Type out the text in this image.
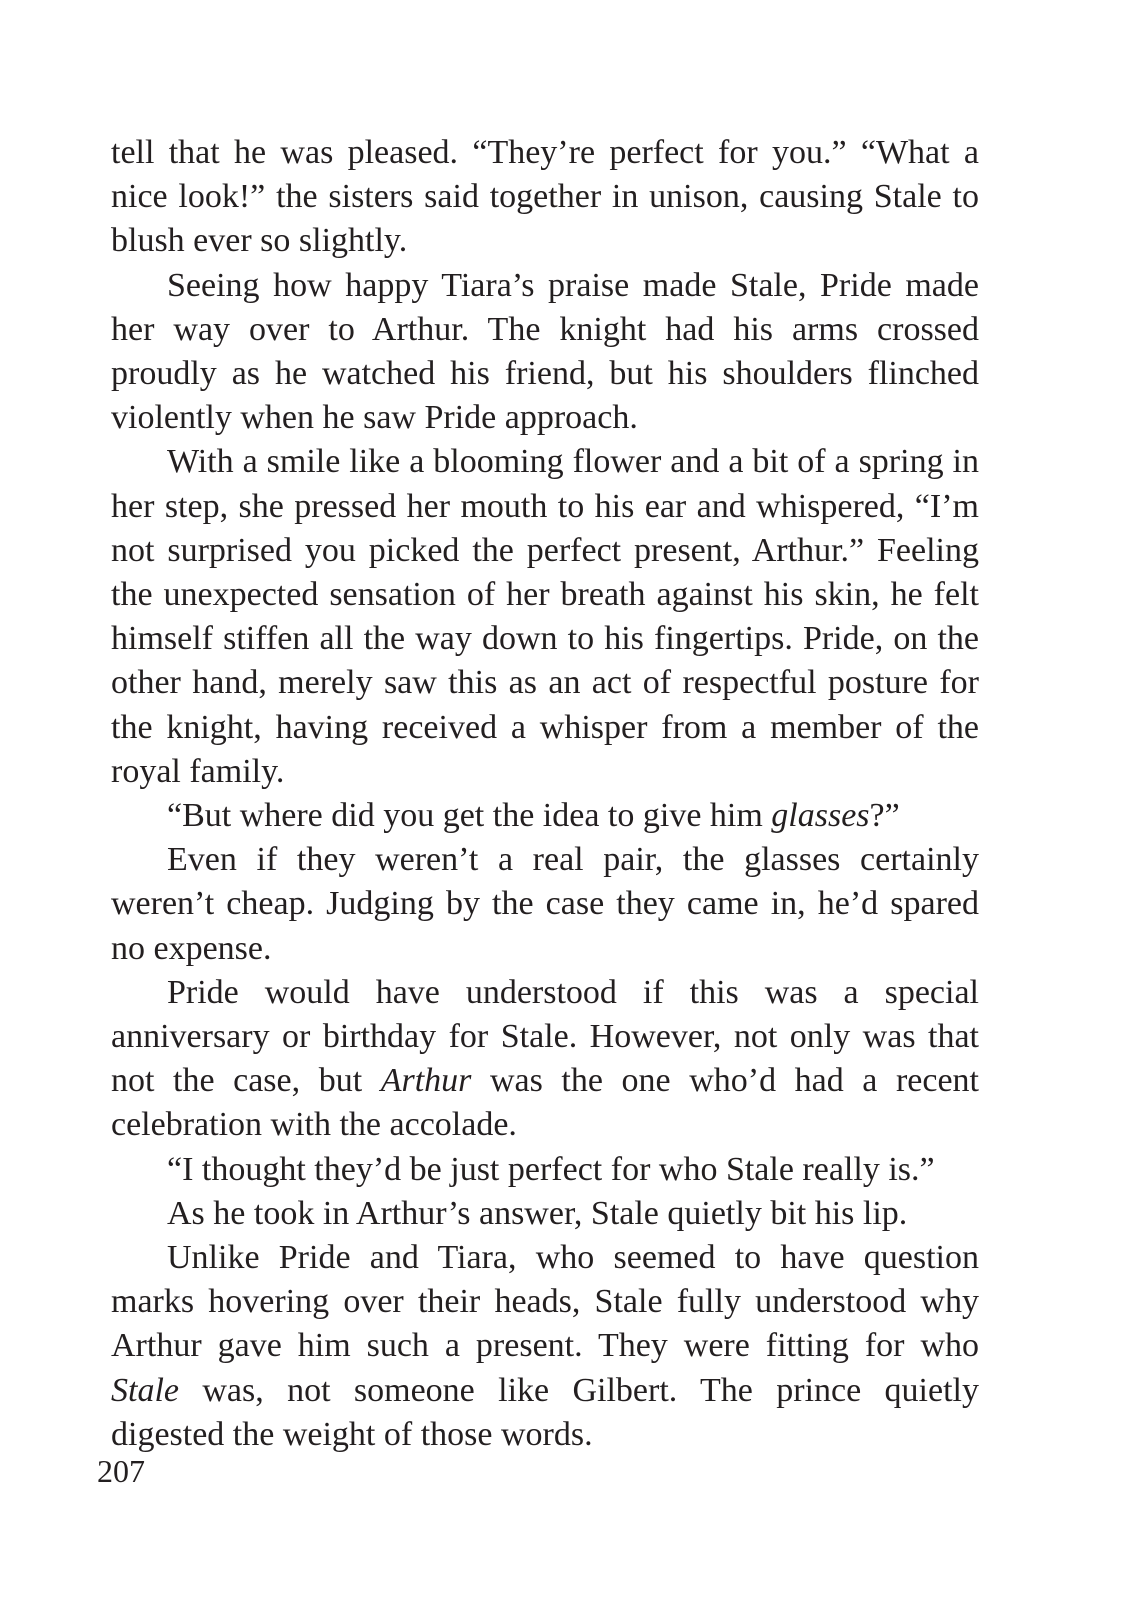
tell that he was pleased. “They’re perfect for you.” “What a nice look!” the sisters said together in unison, causing Stale to blush ever so slightly.

Seeing how happy Tiara’s praise made Stale, Pride made her way over to Arthur. The knight had his arms crossed proudly as he watched his friend, but his shoulders flinched violently when he saw Pride approach.

With a smile like a blooming flower and a bit of a spring in her step, she pressed her mouth to his ear and whispered, “I’m not surprised you picked the perfect present, Arthur.” Feeling the unexpected sensation of her breath against his skin, he felt himself stiffen all the way down to his fingertips. Pride, on the other hand, merely saw this as an act of respectful posture for the knight, having received a whisper from a member of the royal family.

“But where did you get the idea to give him glasses?”

Even if they weren’t a real pair, the glasses certainly weren’t cheap. Judging by the case they came in, he’d spared no expense.

Pride would have understood if this was a special anniversary or birthday for Stale. However, not only was that not the case, but Arthur was the one who’d had a recent celebration with the accolade.

“I thought they’d be just perfect for who Stale really is.”

As he took in Arthur’s answer, Stale quietly bit his lip.

Unlike Pride and Tiara, who seemed to have question marks hovering over their heads, Stale fully understood why Arthur gave him such a present. They were fitting for who Stale was, not someone like Gilbert. The prince quietly digested the weight of those words.

207
